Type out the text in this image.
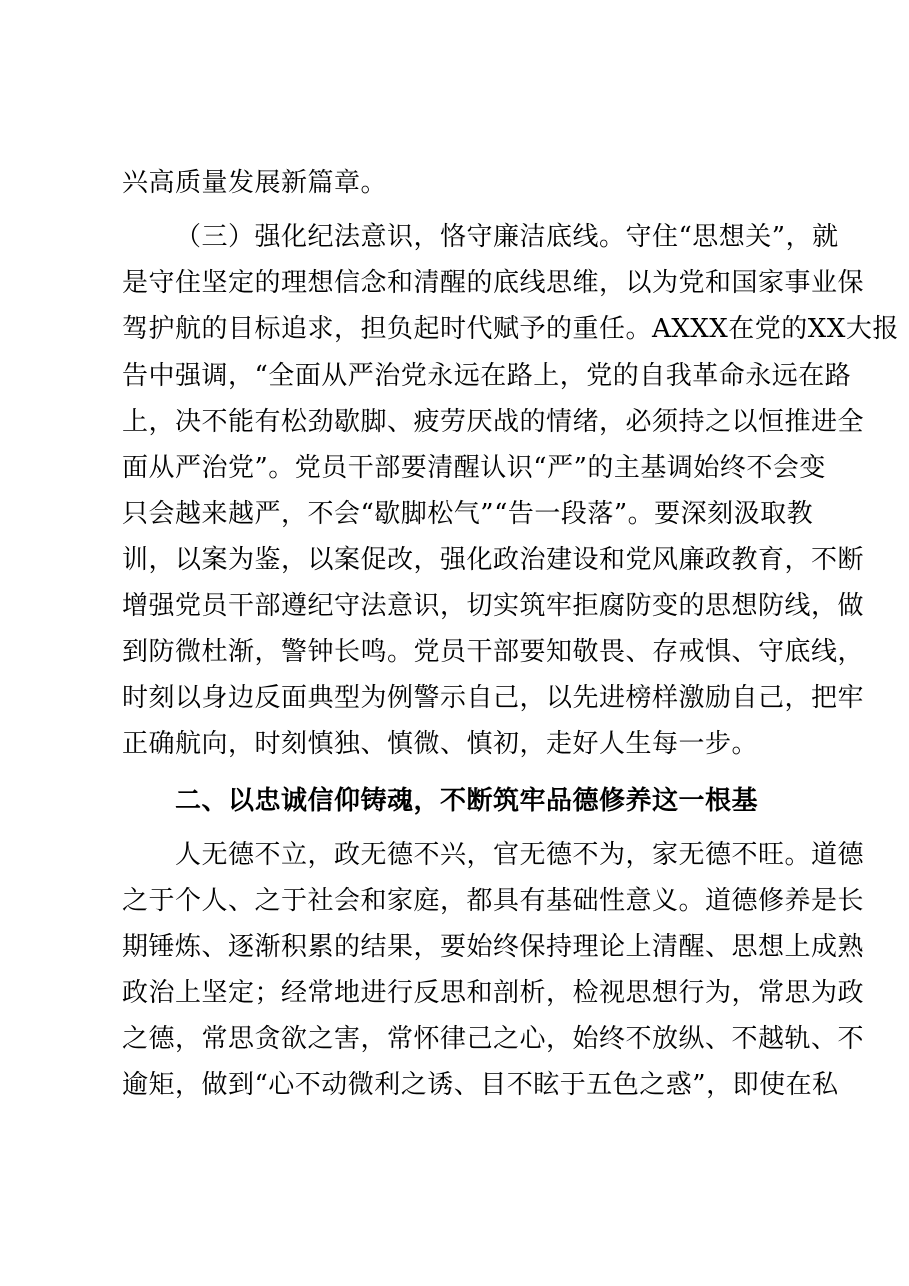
兴高质量发展新篇章。
（三）强化纪法意识，恪守廉洁底线。守住“思想关”，就
是守住坚定的理想信念和清醒的底线思维，以为党和国家事业保
驾护航的目标追求，担负起时代赋予的重任。AXXX在党的XX大报
告中强调，“全面从严治党永远在路上，党的自我革命永远在路
上，决不能有松劲歇脚、疲劳厌战的情绪，必须持之以恒推进全
面从严治党”。党员干部要清醒认识“严”的主基调始终不会变
只会越来越严，不会“歇脚松气”“告一段落”。要深刻汲取教
训，以案为鉴，以案促改，强化政治建设和党风廉政教育，不断
增强党员干部遵纪守法意识，切实筑牢拒腐防变的思想防线，做
到防微杜渐，警钟长鸣。党员干部要知敬畏、存戒惧、守底线，
时刻以身边反面典型为例警示自己，以先进榜样激励自己，把牢
正确航向，时刻慎独、慎微、慎初，走好人生每一步。
二、以忠诚信仰铸魂，不断筑牢品德修养这一根基
人无德不立，政无德不兴，官无德不为，家无德不旺。道德
之于个人、之于社会和家庭，都具有基础性意义。道德修养是长
期锤炼、逐渐积累的结果，要始终保持理论上清醒、思想上成熟
政治上坚定；经常地进行反思和剖析，检视思想行为，常思为政
之德，常思贪欲之害，常怀律己之心，始终不放纵、不越轨、不
逾矩，做到“心不动微利之诱、目不眩于五色之惑”，即使在私
